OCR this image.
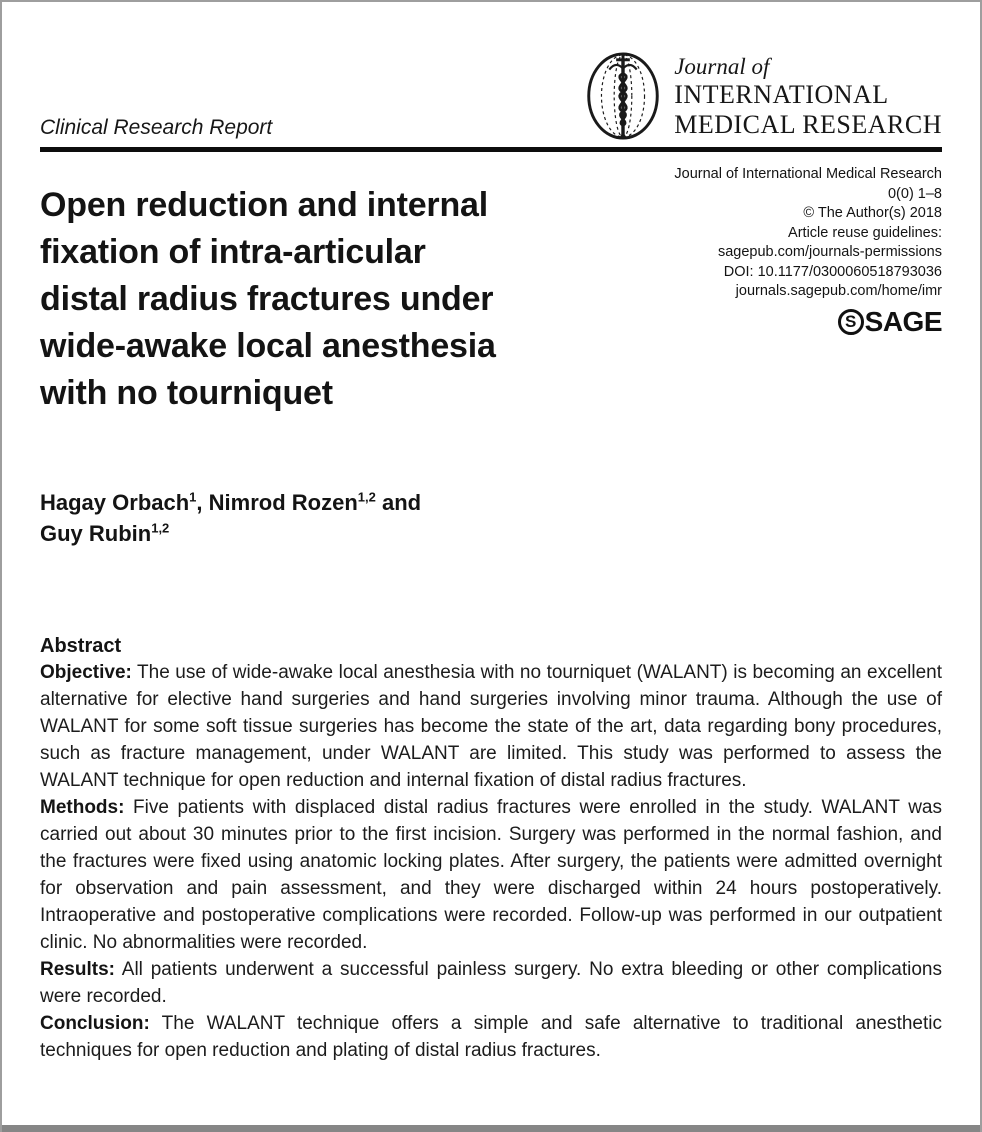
Clinical Research Report
Journal of
INTERNATIONAL
MEDICAL RESEARCH
Journal of International Medical Research
0(0) 1–8
© The Author(s) 2018
Article reuse guidelines:
sagepub.com/journals-permissions
DOI: 10.1177/0300060518793036
journals.sagepub.com/home/imr
S SAGE
Open reduction and internal
fixation of intra-articular
distal radius fractures under
wide-awake local anesthesia
with no tourniquet
Hagay Orbach$^1$, Nimrod Rozen$^{1,2}$ and
Guy Rubin$^{1,2}$
Abstract

Objective: The use of wide-awake local anesthesia with no tourniquet (WALANT) is becoming an excellent alternative for elective hand surgeries and hand surgeries involving minor trauma. Although the use of WALANT for some soft tissue surgeries has become the state of the art, data regarding bony procedures, such as fracture management, under WALANT are limited. This study was performed to assess the WALANT technique for open reduction and internal fixation of distal radius fractures.

Methods: Five patients with displaced distal radius fractures were enrolled in the study. WALANT was carried out about 30 minutes prior to the first incision. Surgery was performed in the normal fashion, and the fractures were fixed using anatomic locking plates. After surgery, the patients were admitted overnight for observation and pain assessment, and they were discharged within 24 hours postoperatively. Intraoperative and postoperative complications were recorded. Follow-up was performed in our outpatient clinic. No abnormalities were recorded.

Results: All patients underwent a successful painless surgery. No extra bleeding or other complications were recorded.

Conclusion: The WALANT technique offers a simple and safe alternative to traditional anesthetic techniques for open reduction and plating of distal radius fractures.
